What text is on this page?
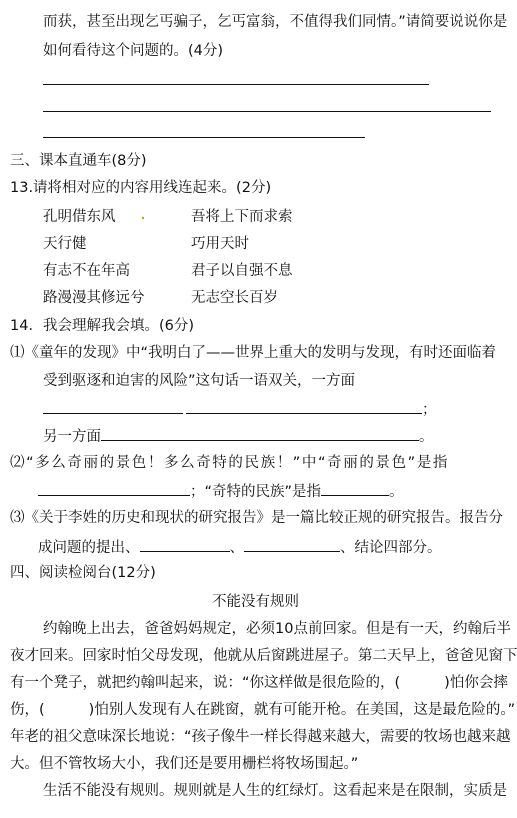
而获，甚至出现乞丐骗子，乞丐富翁，不值得我们同情。”请简要说说你是
如何看待这个问题的。(4分)
三、课本直通车(8分)
13.请将相对应的内容用线连起来。(2分)
孔明借东风	吾将上下而求索
天行健	巧用天时
有志不在年高	君子以自强不息
路漫漫其修远兮	无志空长百岁
14．我会理解我会填。(6分)
⑴《童年的发现》中“我明白了——世界上重大的发明与发现，有时还面临着
受到驱逐和迫害的风险”这句话一语双关，一方面
；
另一方面	。
⑵“多么奇丽的景色！多么奇特的民族！”中“奇丽的景色”是指
；“奇特的民族”是指	。
⑶《关于李姓的历史和现状的研究报告》是一篇比较正规的研究报告。报告分
成问题的提出、	、	、结论四部分。
四、阅读检阅台(12分)
不能没有规则
约翰晚上出去，爸爸妈妈规定，必须10点前回家。但是有一天，约翰后半
夜才回来。回家时怕父母发现，他就从后窗跳进屋子。第二天早上，爸爸见窗下
有一个凳子，就把约翰叫起来，说：“你这样做是很危险的，(	)怕你会摔
伤，(	)怕别人发现有人在跳窗，就有可能开枪。在美国，这是最危险的。”
年老的祖父意味深长地说：“孩子像牛一样长得越来越大，需要的牧场也越来越
大。但不管牧场大小，我们还是要用栅栏将牧场围起。”
生活不能没有规则。规则就是人生的红绿灯。这看起来是在限制，实质是
